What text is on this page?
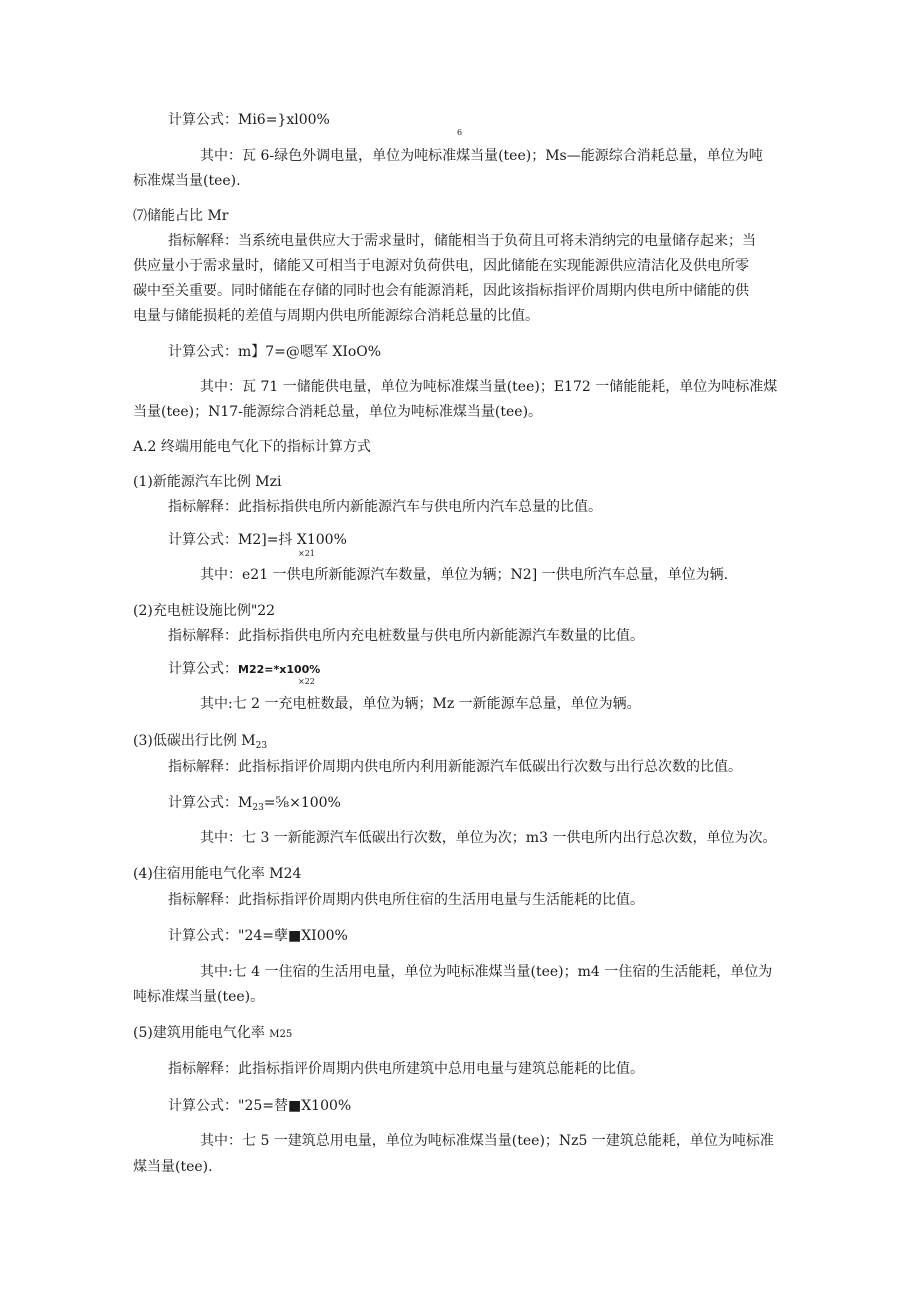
计算公式：Mi6=}xl00%
6
其中：瓦 6-绿色外调电量，单位为吨标准煤当量(tee)；Ms—能源综合消耗总量，单位为吨
标准煤当量(tee).
⑺储能占比 Mr
指标解释：当系统电量供应大于需求量时，储能相当于负荷且可将未消纳完的电量储存起来；当
供应量小于需求量时，储能又可相当于电源对负荷供电，因此储能在实现能源供应清洁化及供电所零
碳中至关重要。同时储能在存储的同时也会有能源消耗，因此该指标指评价周期内供电所中储能的供
电量与储能损耗的差值与周期内供电所能源综合消耗总量的比值。
计算公式：m】7=@嗯军 XIoO%
其中：瓦 71 一储能供电量，单位为吨标准煤当量(tee)；E172 一储能能耗，单位为吨标准煤
当量(tee)；N17-能源综合消耗总量，单位为吨标准煤当量(tee)。
A.2 终端用能电气化下的指标计算方式
(1)新能源汽车比例 Mzi
指标解释：此指标指供电所内新能源汽车与供电所内汽车总量的比值。
计算公式：M2]=抖 X100%
×21
其中：e21 一供电所新能源汽车数量，单位为辆；N2] 一供电所汽车总量，单位为辆.
(2)充电桩设施比例"22
指标解释：此指标指供电所内充电桩数量与供电所内新能源汽车数量的比值。
计算公式：M22=*x100%
×22
其中:七 2 一充电桩数最，单位为辆；Mz 一新能源车总量，单位为辆。
(3)低碳出行比例 $M_{23}$
指标解释：此指标指评价周期内供电所内利用新能源汽车低碳出行次数与出行总次数的比值。
计算公式：$M_{23}=\frac{5}{8}\times 100\%$
其中：七 3 一新能源汽车低碳出行次数，单位为次；m3 一供电所内出行总次数，单位为次。
(4)住宿用能电气化率 M24
指标解释：此指标指评价周期内供电所住宿的生活用电量与生活能耗的比值。
计算公式："24=孽■XI00%
其中:七 4 一住宿的生活用电量，单位为吨标准煤当量(tee)；m4 一住宿的生活能耗，单位为
吨标准煤当量(tee)。
(5)建筑用能电气化率 M25
指标解释：此指标指评价周期内供电所建筑中总用电量与建筑总能耗的比值。
计算公式："25=替■X100%
其中：七 5 一建筑总用电量，单位为吨标准煤当量(tee)；Nz5 一建筑总能耗，单位为吨标准
煤当量(tee).
